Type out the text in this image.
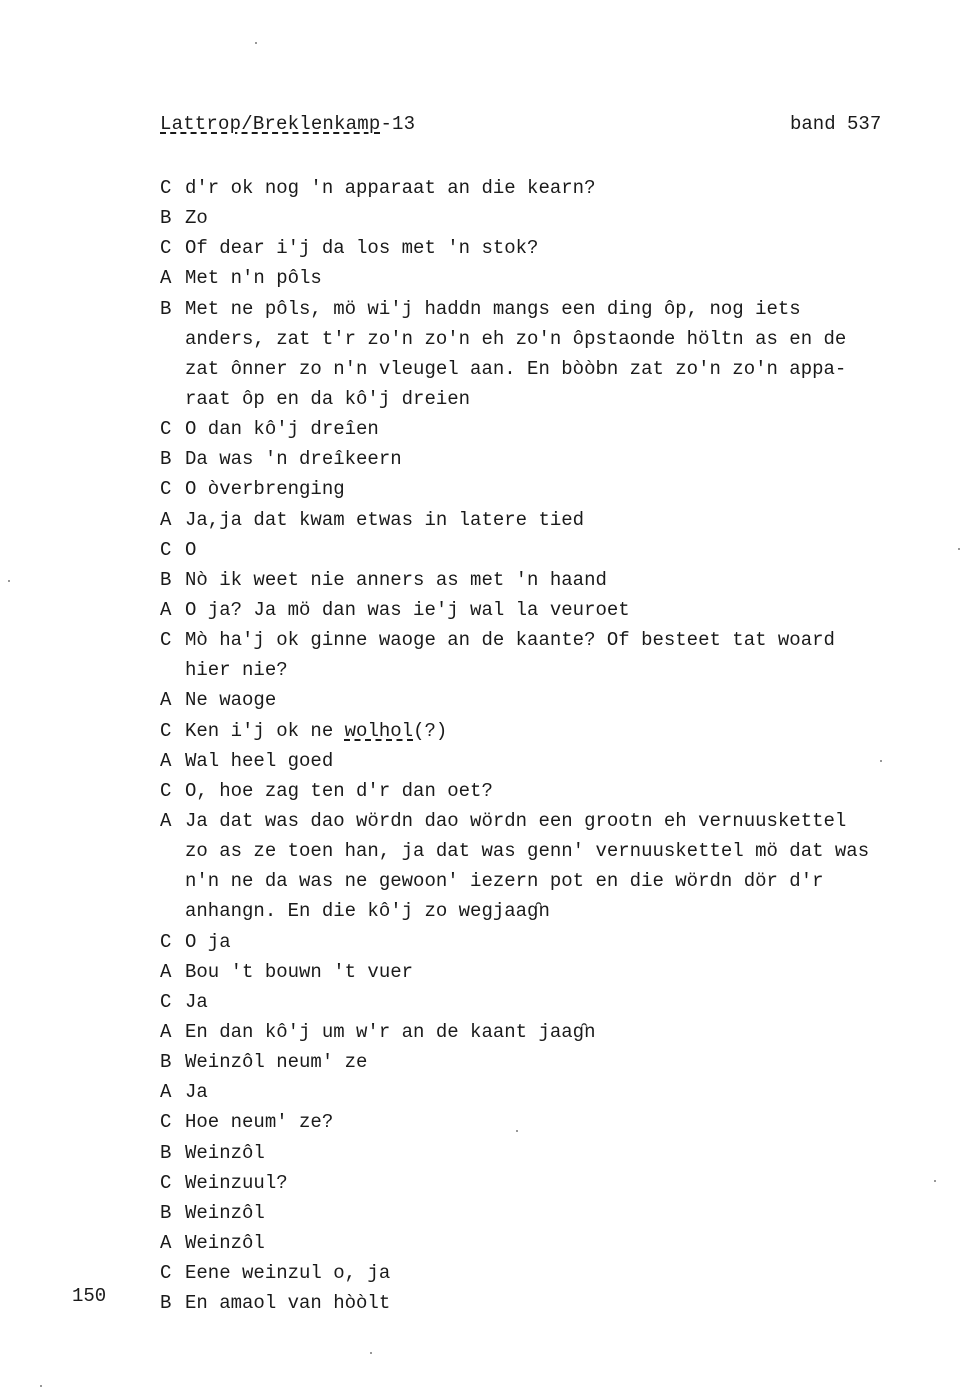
Lattrop/Breklenkamp-13	band 537
C d'r ok nog 'n apparaat an die kearn?
B Zo
C Of dear i'j da los met 'n stok?
A Met n'n pôls
B Met ne pôls, mö wi'j haddn mangs een ding ôp, nog iets
anders, zat t'r zo'n zo'n eh zo'n ôpstaonde höltn as en de
zat ônner zo n'n vleugel aan. En bòòbn zat zo'n zo'n appa-
raat ôp en da kô'j dreien
C O dan kô'j dreîen
B Da was 'n dreîkeern
C O òverbrenging
A Ja,ja dat kwam etwas in latere tied
C O
B Nò ik weet nie anners as met 'n haand
A O ja? Ja mö dan was ie'j wal la veuroet
C Mò ha'j ok ginne waoge an de kaante? Of besteet tat woard
hier nie?
A Ne waoge
C Ken i'j ok ne wolhol(?)
A Wal heel goed
C O, hoe zag ten d'r dan oet?
A Ja dat was dao wördn dao wördn een grootn eh vernuuskettel
zo as ze toen han, ja dat was genn' vernuuskettel mö dat was
n'n ne da was ne gewoon' iezern pot en die wördn dör d'r
anhangn. En die kô'j zo wegjaag̑n
C O ja
A Bou 't bouwn 't vuer
C Ja
A En dan kô'j um w'r an de kaant jaag̑n
B Weinzôl neum' ze
A Ja
C Hoe neum' ze?
B Weinzôl
C Weinzuul?
B Weinzôl
A Weinzôl
C Eene weinzul o, ja
B En amaol van hòòlt
150
